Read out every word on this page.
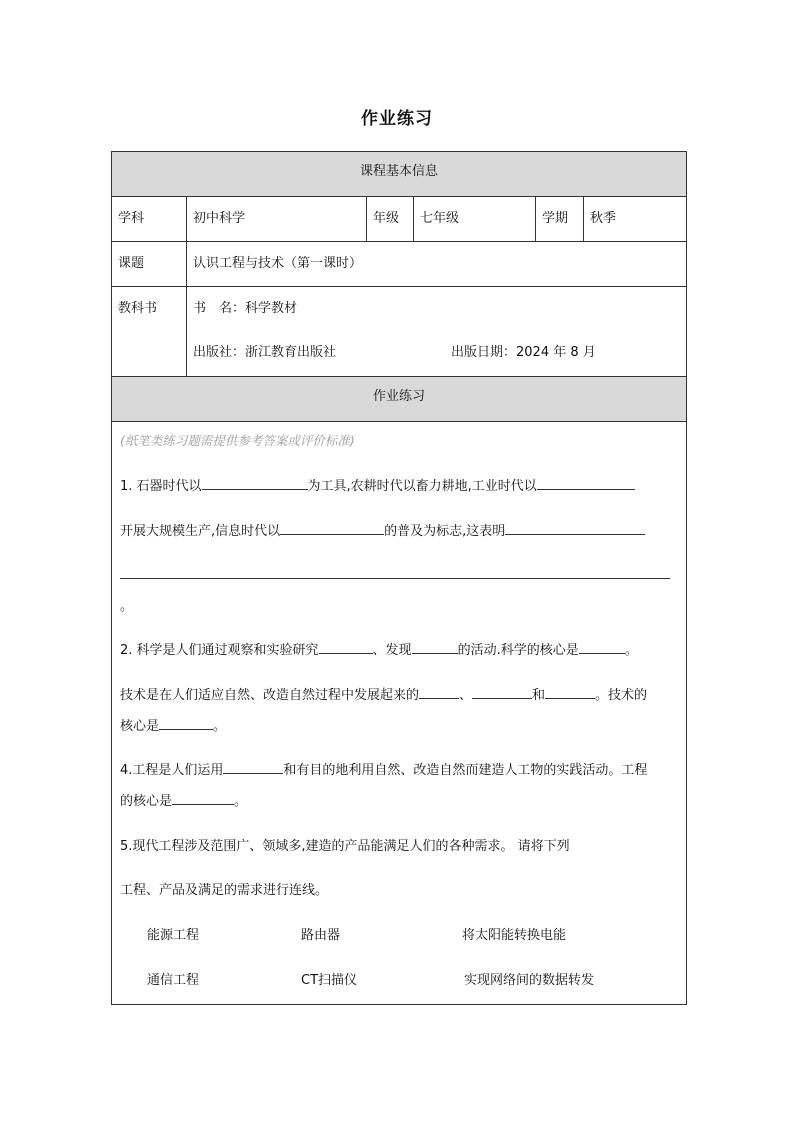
作业练习
课程基本信息
学科	初中科学	年级 七年级	学期 秋季
课题	认识工程与技术（第一课时）
教科书	书　名：科学教材
出版社：浙江教育出版社	出版日期：2024 年 8 月
作业练习
(纸笔类练习题需提供参考答案或评价标准)
1. 石器时代以	为工具,农耕时代以畜力耕地,工业时代以
开展大规模生产,信息时代以	的普及为标志,这表明
。
2. 科学是人们通过观察和实验研究	、发现	的活动.科学的核心是	。
技术是在人们适应自然、改造自然过程中发展起来的	、	和	。技术的
核心是	。
4.工程是人们运用	和有目的地利用自然、改造自然而建造人工物的实践活动。工程
的核心是	。
5.现代工程涉及范围广、领域多,建造的产品能满足人们的各种需求。 请将下列
工程、产品及满足的需求进行连线。
能源工程	路由器	将太阳能转换电能
通信工程	CT扫描仪	实现网络间的数据转发
